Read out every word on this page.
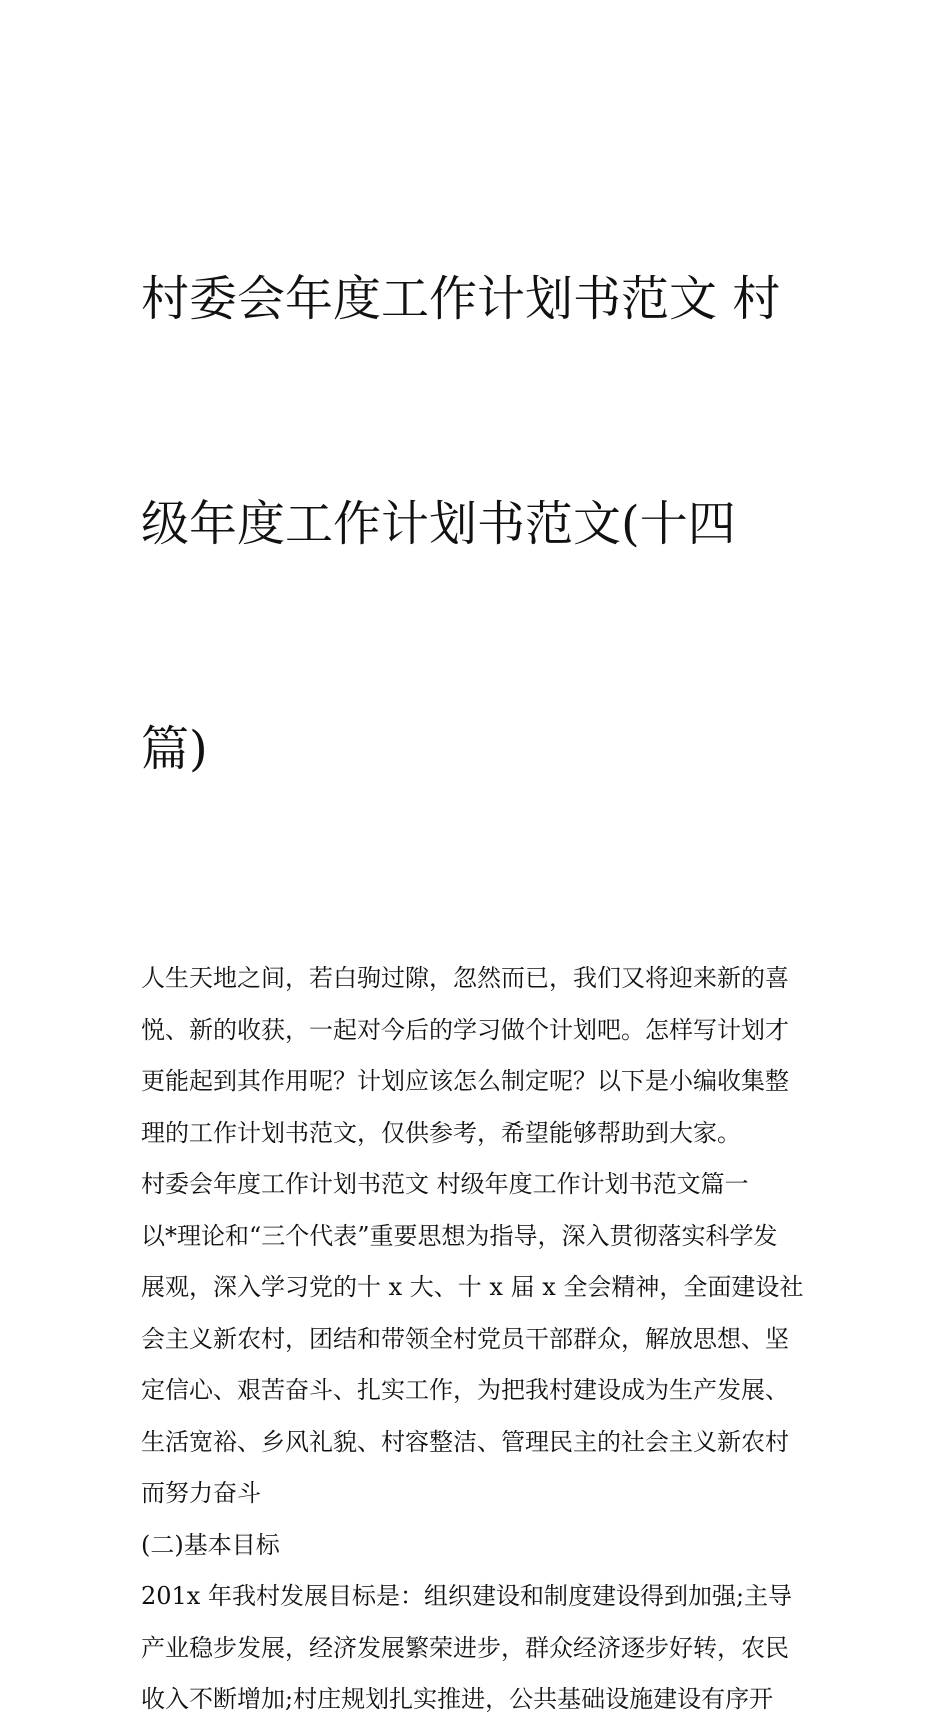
村委会年度工作计划书范文 村

级年度工作计划书范文(十四

篇)

人生天地之间，若白驹过隙，忽然而已，我们又将迎来新的喜
悦、新的收获，一起对今后的学习做个计划吧。怎样写计划才
更能起到其作用呢？计划应该怎么制定呢？以下是小编收集整
理的工作计划书范文，仅供参考，希望能够帮助到大家。
村委会年度工作计划书范文 村级年度工作计划书范文篇一
以*理论和“三个代表”重要思想为指导，深入贯彻落实科学发
展观，深入学习党的十 x 大、十 x 届 x 全会精神，全面建设社
会主义新农村，团结和带领全村党员干部群众，解放思想、坚
定信心、艰苦奋斗、扎实工作，为把我村建设成为生产发展、
生活宽裕、乡风礼貌、村容整洁、管理民主的社会主义新农村
而努力奋斗
(二)基本目标
201x 年我村发展目标是：组织建设和制度建设得到加强;主导
产业稳步发展，经济发展繁荣进步，群众经济逐步好转，农民
收入不断增加;村庄规划扎实推进，公共基础设施建设有序开
